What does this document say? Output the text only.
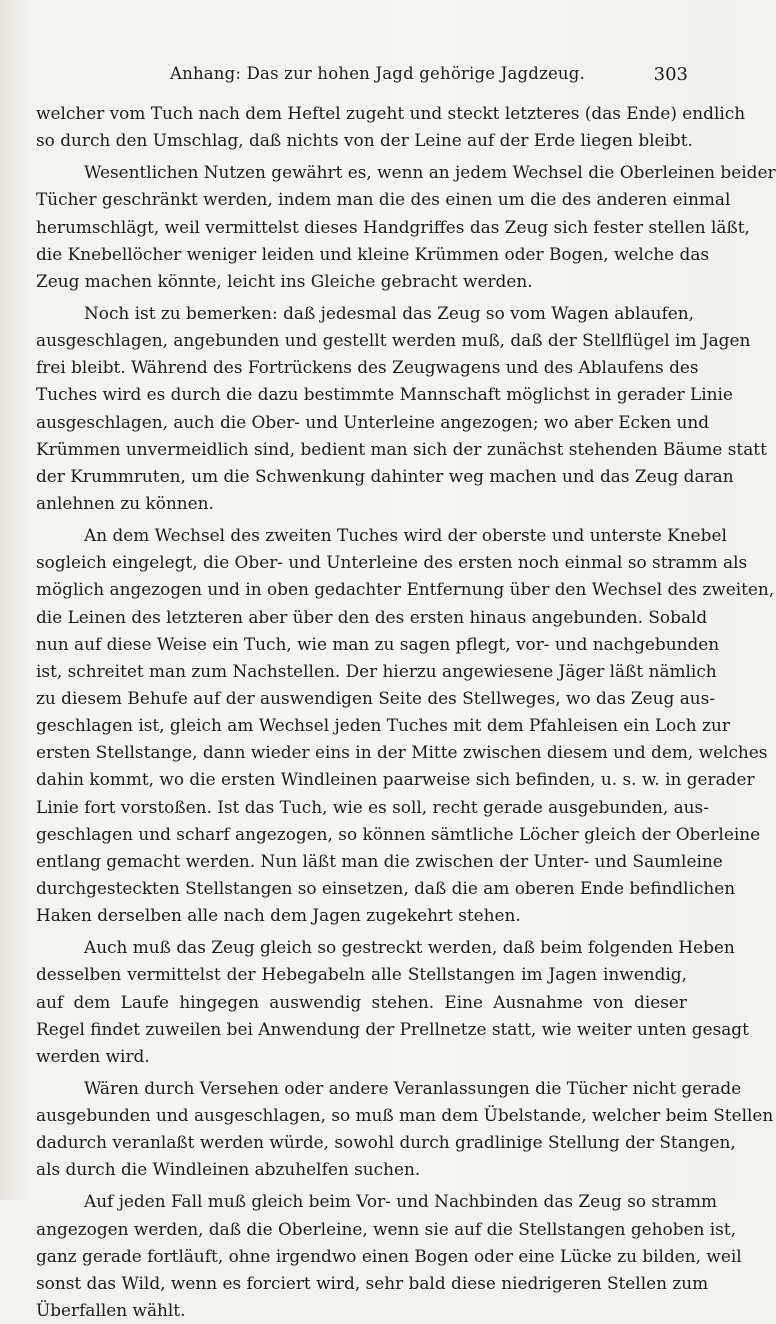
Anhang: Das zur hohen Jagd gehörige Jagdzeug.	303
welcher vom Tuch nach dem Heftel zugeht und steckt letzteres (das Ende) endlich
so durch den Umschlag, daß nichts von der Leine auf der Erde liegen bleibt.
Wesentlichen Nutzen gewährt es, wenn an jedem Wechsel die Oberleinen beider
Tücher geschränkt werden, indem man die des einen um die des anderen einmal
herumschlägt, weil vermittelst dieses Handgriffes das Zeug sich fester stellen läßt,
die Knebellöcher weniger leiden und kleine Krümmen oder Bogen, welche das
Zeug machen könnte, leicht ins Gleiche gebracht werden.
Noch ist zu bemerken: daß jedesmal das Zeug so vom Wagen ablaufen,
ausgeschlagen, angebunden und gestellt werden muß, daß der Stellflügel im Jagen
frei bleibt. Während des Fortrückens des Zeugwagens und des Ablaufens des
Tuches wird es durch die dazu bestimmte Mannschaft möglichst in gerader Linie
ausgeschlagen, auch die Ober- und Unterleine angezogen; wo aber Ecken und
Krümmen unvermeidlich sind, bedient man sich der zunächst stehenden Bäume statt
der Krummruten, um die Schwenkung dahinter weg machen und das Zeug daran
anlehnen zu können.
An dem Wechsel des zweiten Tuches wird der oberste und unterste Knebel
sogleich eingelegt, die Ober- und Unterleine des ersten noch einmal so stramm als
möglich angezogen und in oben gedachter Entfernung über den Wechsel des zweiten,
die Leinen des letzteren aber über den des ersten hinaus angebunden. Sobald
nun auf diese Weise ein Tuch, wie man zu sagen pflegt, vor- und nachgebunden
ist, schreitet man zum Nachstellen. Der hierzu angewiesene Jäger läßt nämlich
zu diesem Behufe auf der auswendigen Seite des Stellweges, wo das Zeug aus-
geschlagen ist, gleich am Wechsel jeden Tuches mit dem Pfahleisen ein Loch zur
ersten Stellstange, dann wieder eins in der Mitte zwischen diesem und dem, welches
dahin kommt, wo die ersten Windleinen paarweise sich befinden, u. s. w. in gerader
Linie fort vorstoßen. Ist das Tuch, wie es soll, recht gerade ausgebunden, aus-
geschlagen und scharf angezogen, so können sämtliche Löcher gleich der Oberleine
entlang gemacht werden. Nun läßt man die zwischen der Unter- und Saumleine
durchgesteckten Stellstangen so einsetzen, daß die am oberen Ende befindlichen
Haken derselben alle nach dem Jagen zugekehrt stehen.
Auch muß das Zeug gleich so gestreckt werden, daß beim folgenden Heben
desselben vermittelst der Hebegabeln alle Stellstangen im Jagen inwendig,
auf dem Laufe hingegen auswendig stehen. Eine Ausnahme von dieser
Regel findet zuweilen bei Anwendung der Prellnetze statt, wie weiter unten gesagt
werden wird.
Wären durch Versehen oder andere Veranlassungen die Tücher nicht gerade
ausgebunden und ausgeschlagen, so muß man dem Übelstande, welcher beim Stellen
dadurch veranlaßt werden würde, sowohl durch gradlinige Stellung der Stangen,
als durch die Windleinen abzuhelfen suchen.
Auf jeden Fall muß gleich beim Vor- und Nachbinden das Zeug so stramm
angezogen werden, daß die Oberleine, wenn sie auf die Stellstangen gehoben ist,
ganz gerade fortläuft, ohne irgendwo einen Bogen oder eine Lücke zu bilden, weil
sonst das Wild, wenn es forciert wird, sehr bald diese niedrigeren Stellen zum
Überfallen wählt.
